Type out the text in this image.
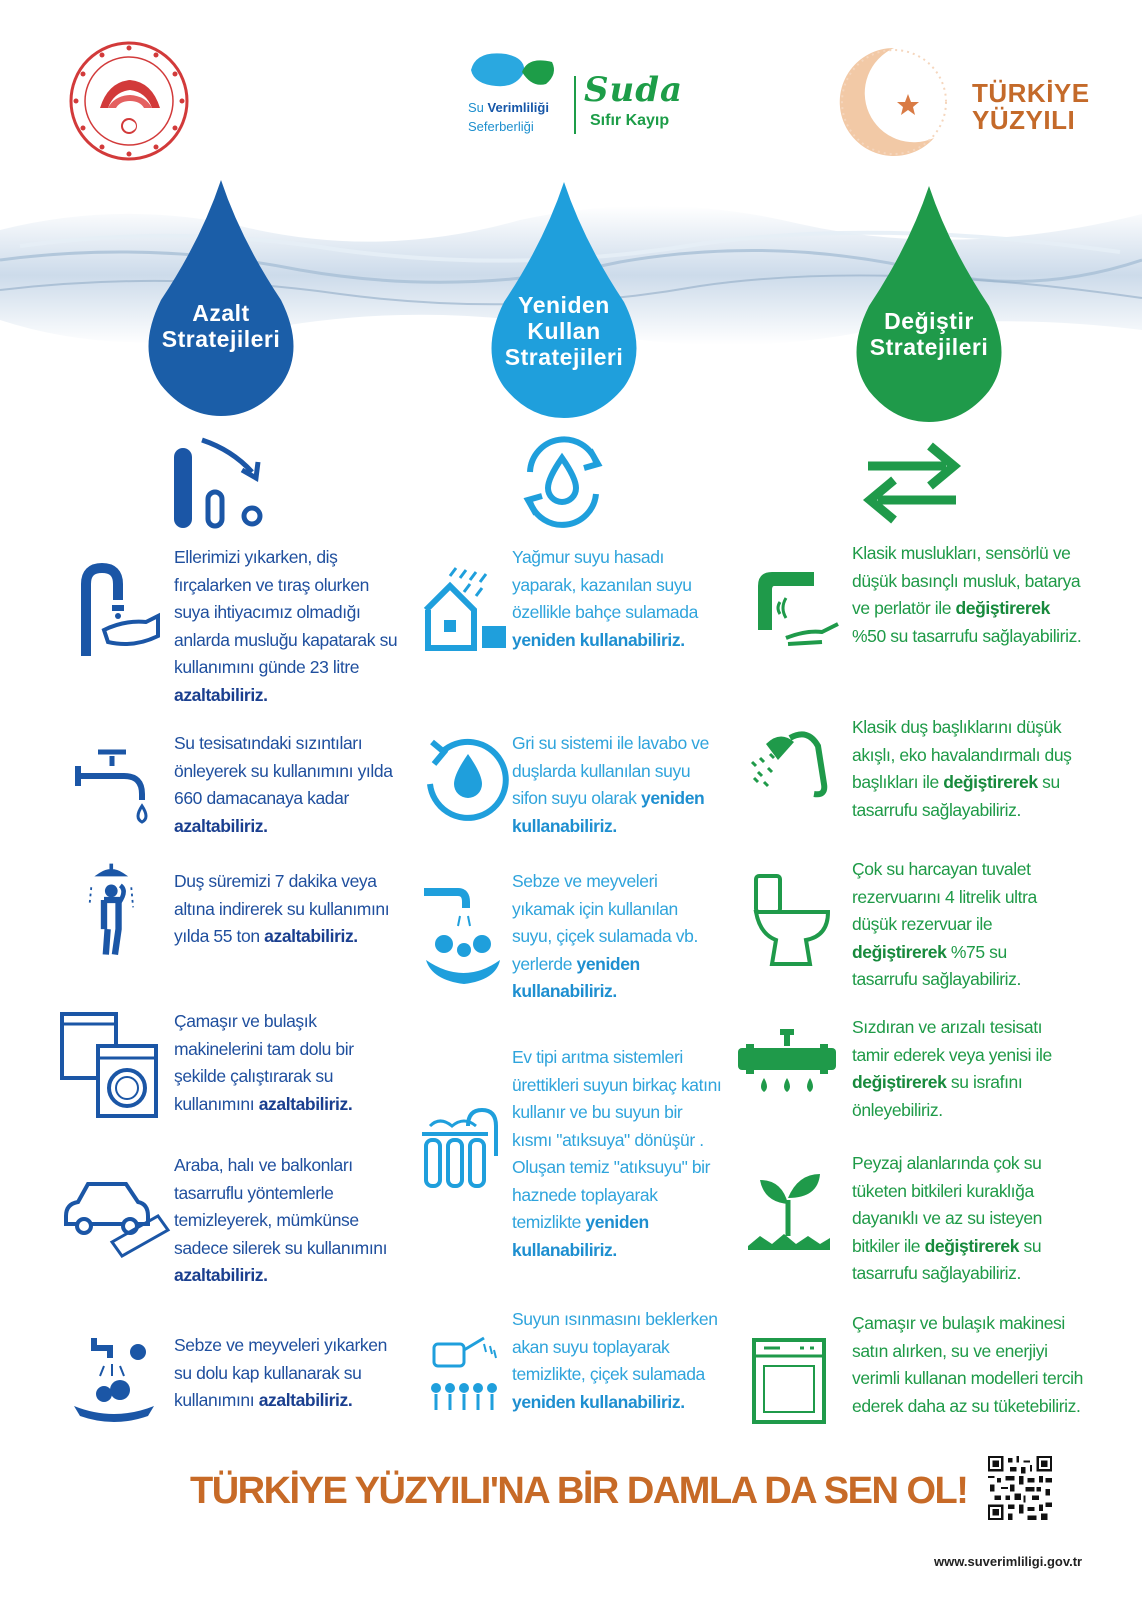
Su Verimliliği
Seferberliği
Suda
Sıfır Kayıp
TÜRKİYE
YÜZYILI
Azalt
Stratejileri
Yeniden
Kullan
Stratejileri
Değiştir
Stratejileri
Ellerimizi yıkarken, diş fırçalarken ve tıraş olurken suya ihtiyacımız olmadığı anlarda musluğu kapatarak su kullanımını günde 23 litre azaltabiliriz.
Su tesisatındaki sızıntıları önleyerek su kullanımını yılda 660 damacanaya kadar azaltabiliriz.
Duş süremizi 7 dakika veya altına indirerek su kullanımını yılda 55 ton azaltabiliriz.
Çamaşır ve bulaşık makinelerini tam dolu bir şekilde çalıştırarak su kullanımını azaltabiliriz.
Araba, halı ve balkonları tasarruflu yöntemlerle temizleyerek, mümkünse sadece silerek su kullanımını azaltabiliriz.
Sebze ve meyveleri yıkarken su dolu kap kullanarak su kullanımını azaltabiliriz.
Yağmur suyu hasadı yaparak, kazanılan suyu özellikle bahçe sulamada yeniden kullanabiliriz.
Gri su sistemi ile lavabo ve duşlarda kullanılan suyu sifon suyu olarak yeniden kullanabiliriz.
Sebze ve meyveleri yıkamak için kullanılan suyu, çiçek sulamada vb. yerlerde yeniden kullanabiliriz.
Ev tipi arıtma sistemleri ürettikleri suyun birkaç katını kullanır ve bu suyun bir kısmı "atıksuya" dönüşür . Oluşan temiz "atıksuyu" bir haznede toplayarak temizlikte yeniden kullanabiliriz.
Suyun ısınmasını beklerken akan suyu toplayarak temizlikte, çiçek sulamada yeniden kullanabiliriz.
Klasik muslukları, sensörlü ve düşük basınçlı musluk, batarya ve perlatör ile değiştirerek %50 su tasarrufu sağlayabiliriz.
Klasik duş başlıklarını düşük akışlı, eko havalandırmalı duş başlıkları ile değiştirerek su tasarrufu sağlayabiliriz.
Çok su harcayan tuvalet rezervuarını 4 litrelik ultra düşük rezervuar ile değiştirerek %75 su tasarrufu sağlayabiliriz.
Sızdıran ve arızalı tesisatı tamir ederek veya yenisi ile değiştirerek su israfını önleyebiliriz.
Peyzaj alanlarında çok su tüketen bitkileri kuraklığa dayanıklı ve az su isteyen bitkiler ile değiştirerek su tasarrufu sağlayabiliriz.
Çamaşır ve bulaşık makinesi satın alırken, su ve enerjiyi verimli kullanan modelleri tercih ederek daha az su tüketebiliriz.
TÜRKİYE YÜZYILI'NA BİR DAMLA DA SEN OL!
www.suverimliligi.gov.tr
